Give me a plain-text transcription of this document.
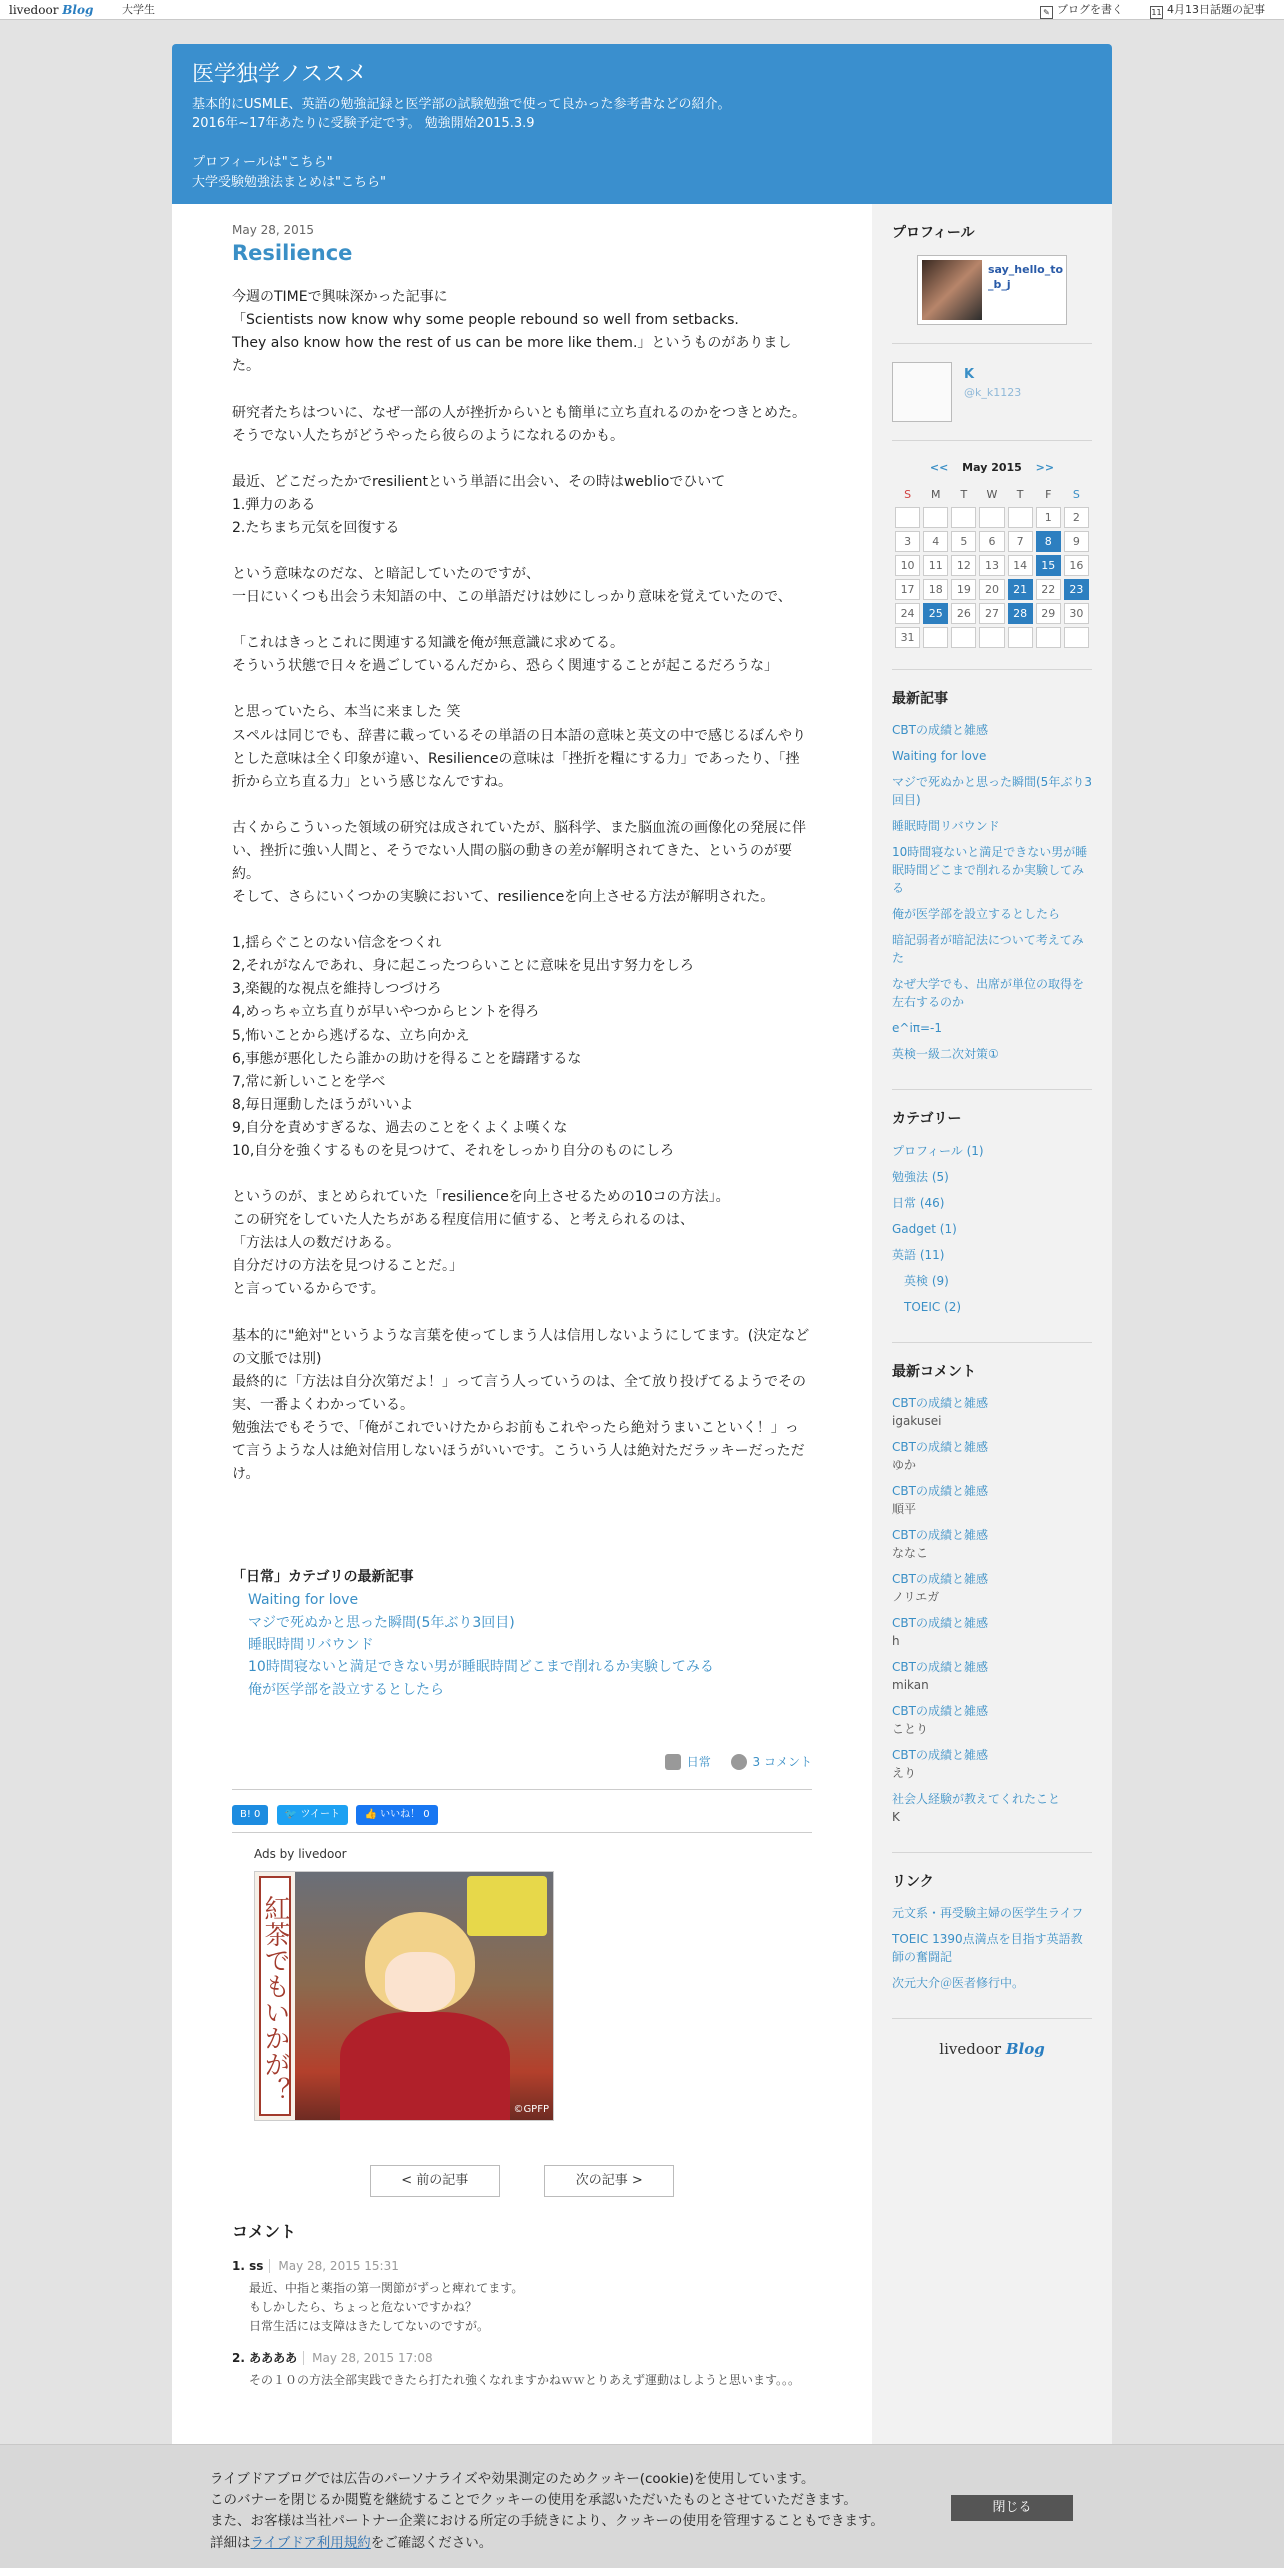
livedoor Blog	大学生	✎ ブログを書く	11 4月13日話題の記事
医学独学ノススメ

基本的にUSMLE、英語の勉強記録と医学部の試験勉強で使って良かった参考書などの紹介。
2016年~17年あたりに受験予定です。 勉強開始2015.3.9

プロフィールは"こちら"
大学受験勉強法まとめは"こちら"

May 28, 2015
Resilience

今週のTIMEで興味深かった記事に

「Scientists now know why some people rebound so well from setbacks.

They also know how the rest of us can be more like them.」というものがありました。

研究者たちはついに、なぜ一部の人が挫折からいとも簡単に立ち直れるのかをつきとめた。

そうでない人たちがどうやったら彼らのようになれるのかも。

最近、どこだったかでresilientという単語に出会い、その時はweblioでひいて

1.弾力のある

2.たちまち元気を回復する

という意味なのだな、と暗記していたのですが、

一日にいくつも出会う未知語の中、この単語だけは妙にしっかり意味を覚えていたので、

「これはきっとこれに関連する知識を俺が無意識に求めてる。

そういう状態で日々を過ごしているんだから、恐らく関連することが起こるだろうな」

と思っていたら、本当に来ました 笑

スペルは同じでも、辞書に載っているその単語の日本語の意味と英文の中で感じるぼんやりとした意味は全く印象が違い、Resilienceの意味は「挫折を糧にする力」であったり、「挫折から立ち直る力」という感じなんですね。

古くからこういった領域の研究は成されていたが、脳科学、また脳血流の画像化の発展に伴い、挫折に強い人間と、そうでない人間の脳の動きの差が解明されてきた、というのが要約。

そして、さらにいくつかの実験において、resilienceを向上させる方法が解明された。

1,揺らぐことのない信念をつくれ

2,それがなんであれ、身に起こったつらいことに意味を見出す努力をしろ

3,楽観的な視点を維持しつづけろ

4,めっちゃ立ち直りが早いやつからヒントを得ろ

5,怖いことから逃げるな、立ち向かえ

6,事態が悪化したら誰かの助けを得ることを躊躇するな

7,常に新しいことを学べ

8,毎日運動したほうがいいよ

9,自分を責めすぎるな、過去のことをくよくよ嘆くな

10,自分を強くするものを見つけて、それをしっかり自分のものにしろ

というのが、まとめられていた「resilienceを向上させるための10コの方法」。

この研究をしていた人たちがある程度信用に値する、と考えられるのは、

「方法は人の数だけある。

自分だけの方法を見つけることだ。」

と言っているからです。

基本的に"絶対"というような言葉を使ってしまう人は信用しないようにしてます。(決定などの文脈では別)

最終的に「方法は自分次第だよ！」って言う人っていうのは、全て放り投げてるようでその実、一番よくわかっている。

勉強法でもそうで、「俺がこれでいけたからお前もこれやったら絶対うまいこといく！」って言うような人は絶対信用しないほうがいいです。こういう人は絶対ただラッキーだっただけ。

「日常」カテゴリの最新記事
Waiting for love
マジで死ぬかと思った瞬間(5年ぶり3回目)
睡眠時間リバウンド
10時間寝ないと満足できない男が睡眠時間どこまで削れるか実験してみる
俺が医学部を設立するとしたら
日常	3 コメント
B! 0 🐦 ツイート 👍 いいね！ 0
Ads by livedoor
紅茶でもいかが？
©GPFP
< 前の記事	次の記事 >
コメント
1. ss May 28, 2015 15:31
最近、中指と薬指の第一関節がずっと痺れてます。
もしかしたら、ちょっと危ないですかね？
日常生活には支障はきたしてないのですが。
2. ああああ May 28, 2015 17:08
その１０の方法全部実践できたら打たれ強くなれますかねｗｗとりあえず運動はしようと思います。。。
プロフィール
say_hello_to_b_j
K
@k_k1123
<< May 2015 >>
S	M	T	W	T	F	S
					1	2
3	4	5	6	7	8	9
10	11	12	13	14	15	16
17	18	19	20	21	22	23
24	25	26	27	28	29	30
31						
最新記事
CBTの成績と雑感
Waiting for love
マジで死ぬかと思った瞬間(5年ぶり3回目)
睡眠時間リバウンド
10時間寝ないと満足できない男が睡眠時間どこまで削れるか実験してみる
俺が医学部を設立するとしたら
暗記弱者が暗記法について考えてみた
なぜ大学でも、出席が単位の取得を左右するのか
e^iπ=-1
英検一級二次対策①
カテゴリー
プロフィール (1)
勉強法 (5)
日常 (46)
Gadget (1)
英語 (11)
英検 (9)
TOEIC (2)
最新コメント
CBTの成績と雑感
igakusei
CBTの成績と雑感
ゆか
CBTの成績と雑感
順平
CBTの成績と雑感
ななこ
CBTの成績と雑感
ノリエガ
CBTの成績と雑感
h
CBTの成績と雑感
mikan
CBTの成績と雑感
ことり
CBTの成績と雑感
えり
社会人経験が教えてくれたこと
K
リンク
元文系・再受験主婦の医学生ライフ
TOEIC 1390点満点を目指す英語教師の奮闘記
次元大介＠医者修行中。
livedoor Blog
ライブドアブログでは広告のパーソナライズや効果測定のためクッキー(cookie)を使用しています。
このバナーを閉じるか閲覧を継続することでクッキーの使用を承認いただいたものとさせていただきます。
また、お客様は当社パートナー企業における所定の手続きにより、クッキーの使用を管理することもできます。
詳細はライブドア利用規約をご確認ください。
閉じる
